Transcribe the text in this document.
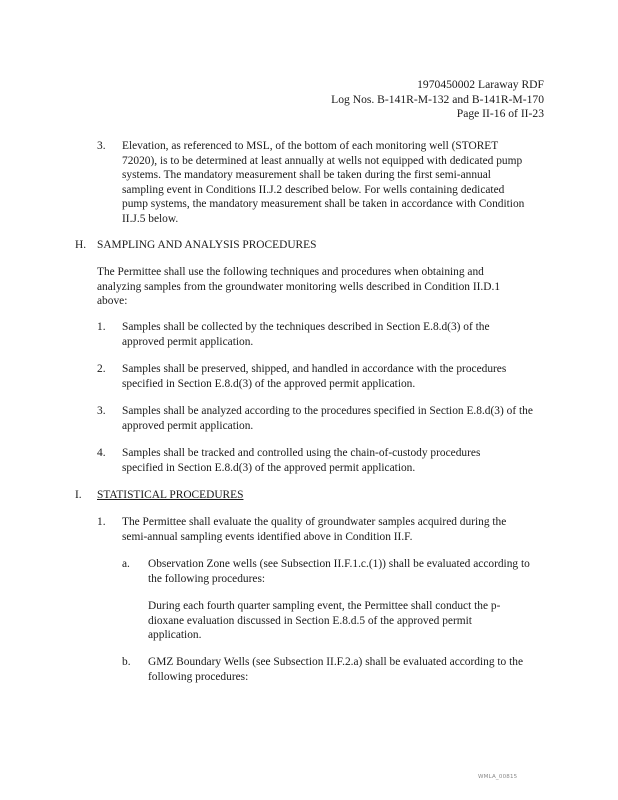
1970450002 Laraway RDF
Log Nos. B-141R-M-132 and B-141R-M-170
Page II-16 of II-23
3. Elevation, as referenced to MSL, of the bottom of each monitoring well (STORET 72020), is to be determined at least annually at wells not equipped with dedicated pump systems. The mandatory measurement shall be taken during the first semi-annual sampling event in Conditions II.J.2 described below. For wells containing dedicated pump systems, the mandatory measurement shall be taken in accordance with Condition II.J.5 below.
H. SAMPLING AND ANALYSIS PROCEDURES
The Permittee shall use the following techniques and procedures when obtaining and analyzing samples from the groundwater monitoring wells described in Condition II.D.1 above:
1. Samples shall be collected by the techniques described in Section E.8.d(3) of the approved permit application.
2. Samples shall be preserved, shipped, and handled in accordance with the procedures specified in Section E.8.d(3) of the approved permit application.
3. Samples shall be analyzed according to the procedures specified in Section E.8.d(3) of the approved permit application.
4. Samples shall be tracked and controlled using the chain-of-custody procedures specified in Section E.8.d(3) of the approved permit application.
I. STATISTICAL PROCEDURES
1. The Permittee shall evaluate the quality of groundwater samples acquired during the semi-annual sampling events identified above in Condition II.F.
a. Observation Zone wells (see Subsection II.F.1.c.(1)) shall be evaluated according to the following procedures:
During each fourth quarter sampling event, the Permittee shall conduct the p-dioxane evaluation discussed in Section E.8.d.5 of the approved permit application.
b. GMZ Boundary Wells (see Subsection II.F.2.a) shall be evaluated according to the following procedures:
WMLA_00815
